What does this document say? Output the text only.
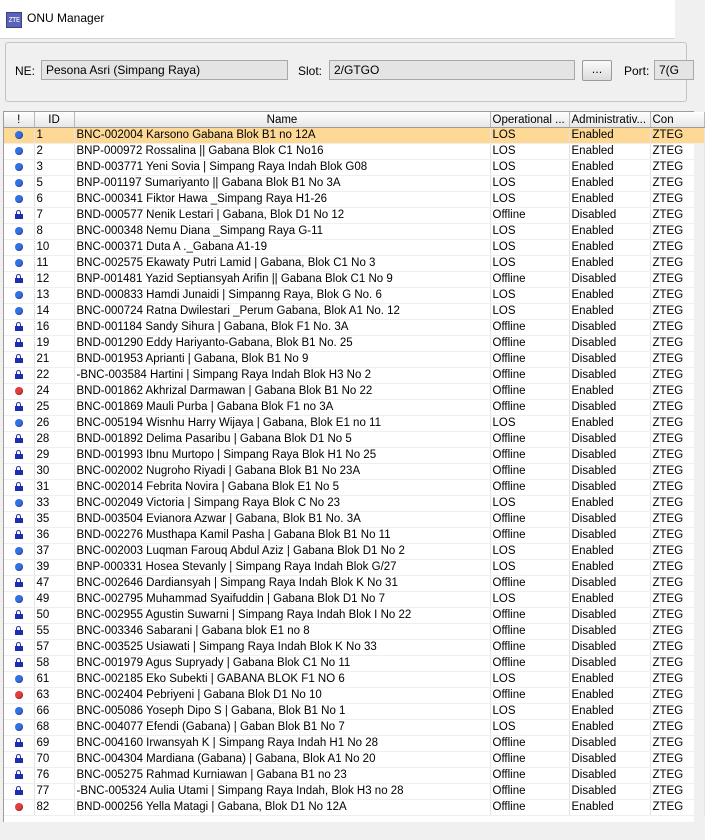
ZTE ONU Manager
NE: Pesona Asri (Simpang Raya)	Slot: 2/GTGO	...	Port: 7(G
!	ID	Name	Operational ...	Administrativ...	Con
	1	BNC-002004 Karsono Gabana Blok B1 no 12A	LOS	Enabled	ZTEG
	2	BNP-000972 Rossalina || Gabana Blok C1 No16	LOS	Enabled	ZTEG
	3	BND-003771 Yeni Sovia | Simpang Raya Indah Blok G08	LOS	Enabled	ZTEG
	5	BNP-001197 Sumariyanto || Gabana Blok B1 No 3A	LOS	Enabled	ZTEG
	6	BNC-000341 Fiktor Hawa _Simpang Raya H1-26	LOS	Enabled	ZTEG
	7	BND-000577 Nenik Lestari | Gabana, Blok D1 No 12	Offline	Disabled	ZTEG
	8	BNC-000348 Nemu Diana _Simpang Raya G-11	LOS	Enabled	ZTEG
	10	BNC-000371 Duta A ._Gabana A1-19	LOS	Enabled	ZTEG
	11	BNC-002575 Ekawaty Putri Lamid | Gabana, Blok C1 No 3	LOS	Enabled	ZTEG
	12	BNP-001481 Yazid Septiansyah Arifin || Gabana Blok C1 No 9	Offline	Disabled	ZTEG
	13	BND-000833 Hamdi Junaidi | Simpanng Raya, Blok G No. 6	LOS	Enabled	ZTEG
	14	BNC-000724 Ratna Dwilestari _Perum Gabana, Blok A1 No. 12	LOS	Enabled	ZTEG
	16	BND-001184 Sandy Sihura | Gabana, Blok F1 No. 3A	Offline	Disabled	ZTEG
	19	BND-001290 Eddy Hariyanto-Gabana, Blok B1 No. 25	Offline	Disabled	ZTEG
	21	BND-001953 Aprianti | Gabana, Blok B1 No 9	Offline	Disabled	ZTEG
	22	-BNC-003584 Hartini | Simpang Raya Indah Blok H3 No 2	Offline	Disabled	ZTEG
	24	BND-001862 Akhrizal Darmawan | Gabana Blok B1 No 22	Offline	Enabled	ZTEG
	25	BNC-001869 Mauli Purba | Gabana Blok F1 no 3A	Offline	Disabled	ZTEG
	26	BNC-005194 Wisnhu Harry Wijaya | Gabana, Blok E1 no 11	LOS	Enabled	ZTEG
	28	BND-001892 Delima Pasaribu | Gabana Blok D1 No 5	Offline	Disabled	ZTEG
	29	BND-001993 Ibnu Murtopo | Simpang Raya Blok H1 No 25	Offline	Disabled	ZTEG
	30	BNC-002002 Nugroho Riyadi | Gabana Blok B1 No 23A	Offline	Disabled	ZTEG
	31	BNC-002014 Febrita Novira | Gabana Blok E1 No 5	Offline	Disabled	ZTEG
	33	BNC-002049 Victoria | Simpang Raya Blok C No 23	LOS	Enabled	ZTEG
	35	BND-003504 Evianora Azwar | Gabana, Blok B1 No. 3A	Offline	Disabled	ZTEG
	36	BND-002276 Musthapa Kamil Pasha | Gabana Blok B1 No 11	Offline	Disabled	ZTEG
	37	BNC-002003 Luqman Farouq Abdul Aziz | Gabana Blok D1 No 2	LOS	Enabled	ZTEG
	39	BNP-000331 Hosea Stevanly | Simpang Raya Indah Blok G/27	LOS	Enabled	ZTEG
	47	BNC-002646 Dardiansyah | Simpang Raya Indah Blok K No 31	Offline	Disabled	ZTEG
	49	BNC-002795 Muhammad Syaifuddin | Gabana Blok D1 No 7	LOS	Enabled	ZTEG
	50	BNC-002955 Agustin Suwarni | Simpang Raya Indah Blok I No 22	Offline	Disabled	ZTEG
	55	BNC-003346 Sabarani | Gabana blok E1 no 8	Offline	Disabled	ZTEG
	57	BNC-003525 Usiawati | Simpang Raya Indah Blok K No 33	Offline	Disabled	ZTEG
	58	BNC-001979 Agus Supryady | Gabana Blok C1 No 11	Offline	Disabled	ZTEG
	61	BNC-002185 Eko Subekti | GABANA BLOK F1 NO 6	LOS	Enabled	ZTEG
	63	BNC-002404 Pebriyeni | Gabana Blok D1 No 10	Offline	Enabled	ZTEG
	66	BNC-005086 Yoseph Dipo S | Gabana, Blok B1 No 1	LOS	Enabled	ZTEG
	68	BNC-004077 Efendi (Gabana) | Gaban Blok B1 No 7	LOS	Enabled	ZTEG
	69	BNC-004160 Irwansyah K | Simpang Raya Indah H1 No 28	Offline	Disabled	ZTEG
	70	BNC-004304 Mardiana (Gabana) | Gabana, Blok A1 No 20	Offline	Disabled	ZTEG
	76	BNC-005275 Rahmad Kurniawan | Gabana B1 no 23	Offline	Disabled	ZTEG
	77	-BNC-005324 Aulia Utami | Simpang Raya Indah, Blok H3 no 28	Offline	Disabled	ZTEG
	82	BND-000256 Yella Matagi | Gabana, Blok D1 No 12A	Offline	Enabled	ZTEG
